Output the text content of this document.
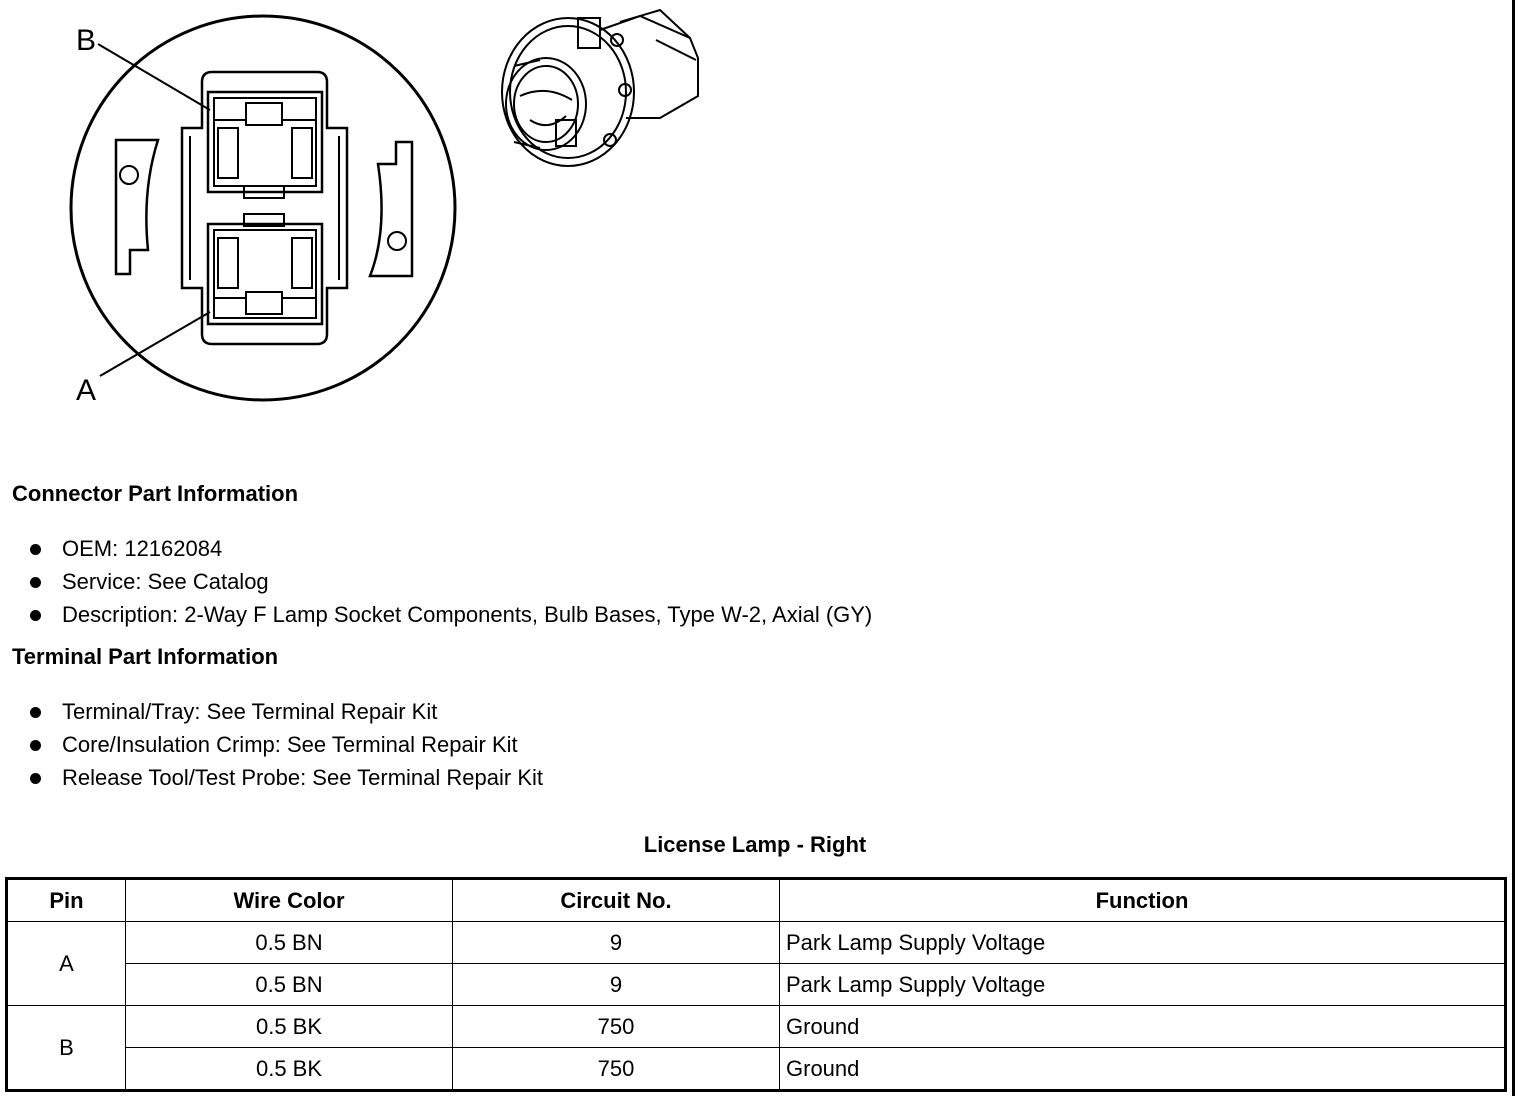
B
A
Connector Part Information
OEM: 12162084
Service: See Catalog
Description: 2-Way F Lamp Socket Components, Bulb Bases, Type W-2, Axial (GY)
Terminal Part Information
Terminal/Tray: See Terminal Repair Kit
Core/Insulation Crimp: See Terminal Repair Kit
Release Tool/Test Probe: See Terminal Repair Kit
License Lamp - Right
Pin	Wire Color	Circuit No.	Function
A	0.5 BN	9	Park Lamp Supply Voltage
	0.5 BN	9	Park Lamp Supply Voltage
B	0.5 BK	750	Ground
	0.5 BK	750	Ground
